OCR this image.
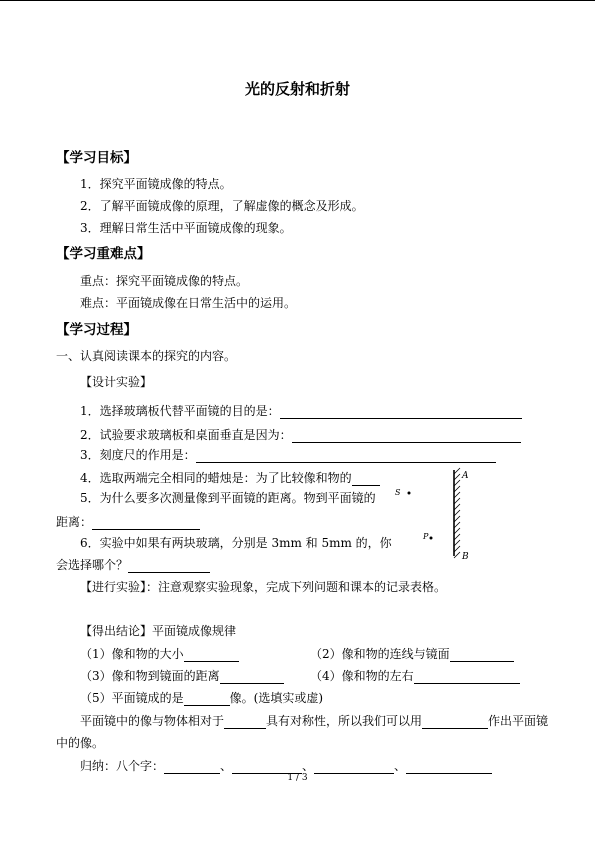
光的反射和折射
【学习目标】
1．探究平面镜成像的特点。
2．了解平面镜成像的原理，了解虚像的概念及形成。
3．理解日常生活中平面镜成像的现象。
【学习重难点】
重点：探究平面镜成像的特点。
难点：平面镜成像在日常生活中的运用。
【学习过程】
一、认真阅读课本的探究的内容。
【设计实验】
1．选择玻璃板代替平面镜的目的是：
2．试验要求玻璃板和桌面垂直是因为：
3．刻度尺的作用是：
4．选取两端完全相同的蜡烛是：为了比较像和物的
5．为什么要多次测量像到平面镜的距离。物到平面镜的
距离：
6．实验中如果有两块玻璃，分别是 3mm 和 5mm 的，你
会选择哪个？
A
B
S
P
【进行实验】：注意观察实验现象，完成下列问题和课本的记录表格。
【得出结论】平面镜成像规律
（1）像和物的大小	（2）像和物的连线与镜面
（3）像和物到镜面的距离	（4）像和物的左右
（5）平面镜成的是	像。(选填实或虚)
平面镜中的像与物体相对于	具有对称性，所以我们可以用	作出平面镜
中的像。
归纳：八个字：	、	、	、
1 / 3
